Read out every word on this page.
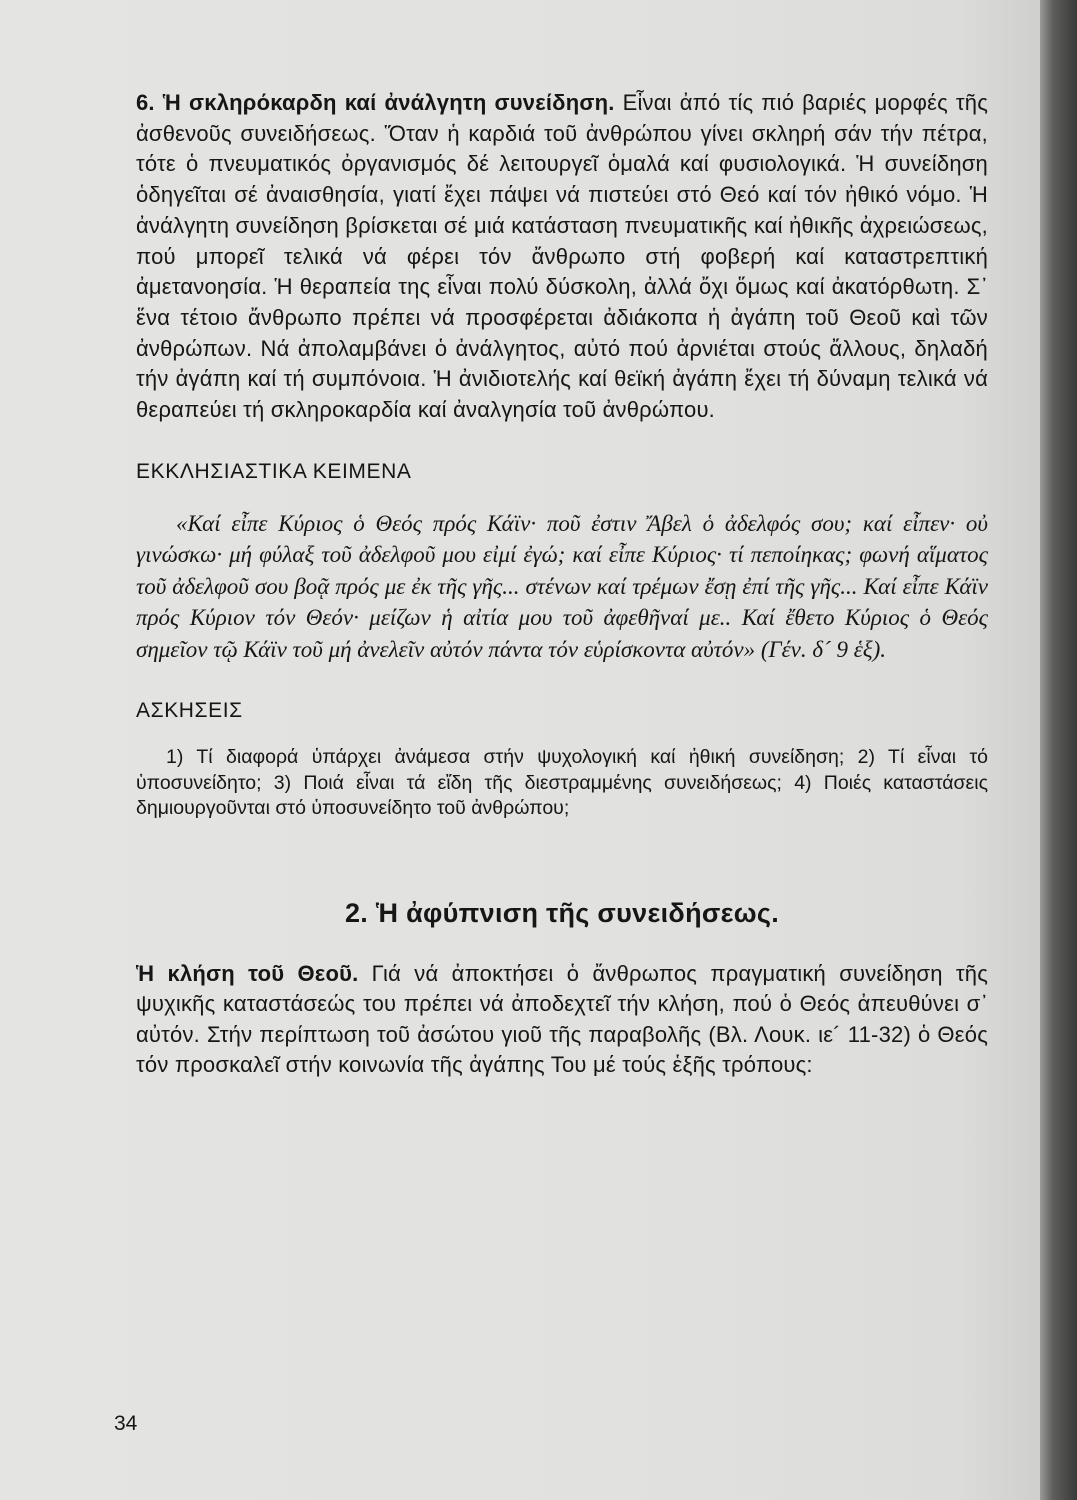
6. Ἡ σκληρόκαρδη καί ἀνάλγητη συνείδηση. Εἶναι ἀπό τίς πιό βαριές μορφές τῆς ἀσθενοῦς συνειδήσεως. Ὅταν ἡ καρδιά τοῦ ἀνθρώπου γίνει σκληρή σάν τήν πέτρα, τότε ὁ πνευματικός ὀργανισμός δέ λειτουργεῖ ὁμαλά καί φυσιολογικά. Ἡ συνείδηση ὁδηγεῖται σέ ἀναισθησία, γιατί ἔχει πάψει νά πιστεύει στό Θεό καί τόν ἠθικό νόμο. Ἡ ἀνάλγητη συνείδηση βρίσκεται σέ μιά κατάσταση πνευματικῆς καί ἠθικῆς ἀχρειώσεως, πού μπορεῖ τελικά νά φέρει τόν ἄνθρωπο στή φοβερή καί καταστρεπτική ἀμετανοησία. Ἡ θεραπεία της εἶναι πολύ δύσκολη, ἀλλά ὄχι ὅμως καί ἀκατόρθωτη. Σ᾽ ἕνα τέτοιο ἄνθρωπο πρέπει νά προσφέρεται ἀδιάκοπα ἡ ἀγάπη τοῦ Θεοῦ καὶ τῶν ἀνθρώπων. Νά ἀπολαμβάνει ὁ ἀνάλγητος, αὐτό πού ἀρνιέται στούς ἄλλους, δηλαδή τήν ἀγάπη καί τή συμπόνοια. Ἡ ἀνιδιοτελής καί θεϊκή ἀγάπη ἔχει τή δύναμη τελικά νά θεραπεύει τή σκληροκαρδία καί ἀναλγησία τοῦ ἀνθρώπου.

ΕΚΚΛΗΣΙΑΣΤΙΚΑ ΚΕΙΜΕΝΑ

«Καί εἶπε Κύριος ὁ Θεός πρός Κάϊν· ποῦ ἐστιν Ἄβελ ὁ ἀδελφός σου; καί εἶπεν· οὐ γινώσκω· μή φύλαξ τοῦ ἀδελφοῦ μου εἰμί ἐγώ; καί εἶπε Κύριος· τί πεποίηκας; φωνή αἵματος τοῦ ἀδελφοῦ σου βοᾷ πρός με ἐκ τῆς γῆς... στένων καί τρέμων ἔσῃ ἐπί τῆς γῆς... Καί εἶπε Κάϊν πρός Κύριον τόν Θεόν· μείζων ἡ αἰτία μου τοῦ ἀφεθῆναί με.. Καί ἔθετο Κύριος ὁ Θεός σημεῖον τῷ Κάϊν τοῦ μή ἀνελεῖν αὐτόν πάντα τόν εὑρίσκοντα αὐτόν» (Γέν. δ´ 9 ἑξ).

ΑΣΚΗΣΕΙΣ

1) Τί διαφορά ὑπάρχει ἀνάμεσα στήν ψυχολογική καί ἠθική συνείδηση; 2) Τί εἶναι τό ὑποσυνείδητο; 3) Ποιά εἶναι τά εἴδη τῆς διεστραμμένης συνειδήσεως; 4) Ποιές καταστάσεις δημιουργοῦνται στό ὑποσυνείδητο τοῦ ἀνθρώπου;

2. Ἡ ἀφύπνιση τῆς συνειδήσεως.

Ἡ κλήση τοῦ Θεοῦ. Γιά νά ἀποκτήσει ὁ ἄνθρωπος πραγματική συνείδηση τῆς ψυχικῆς καταστάσεώς του πρέπει νά ἀποδεχτεῖ τήν κλήση, πού ὁ Θεός ἀπευθύνει σ᾽ αὐτόν. Στήν περίπτωση τοῦ ἀσώτου γιοῦ τῆς παραβολῆς (Βλ. Λουκ. ιε´ 11-32) ὁ Θεός τόν προσκαλεῖ στήν κοινωνία τῆς ἀγάπης Του μέ τούς ἑξῆς τρόπους:

34
